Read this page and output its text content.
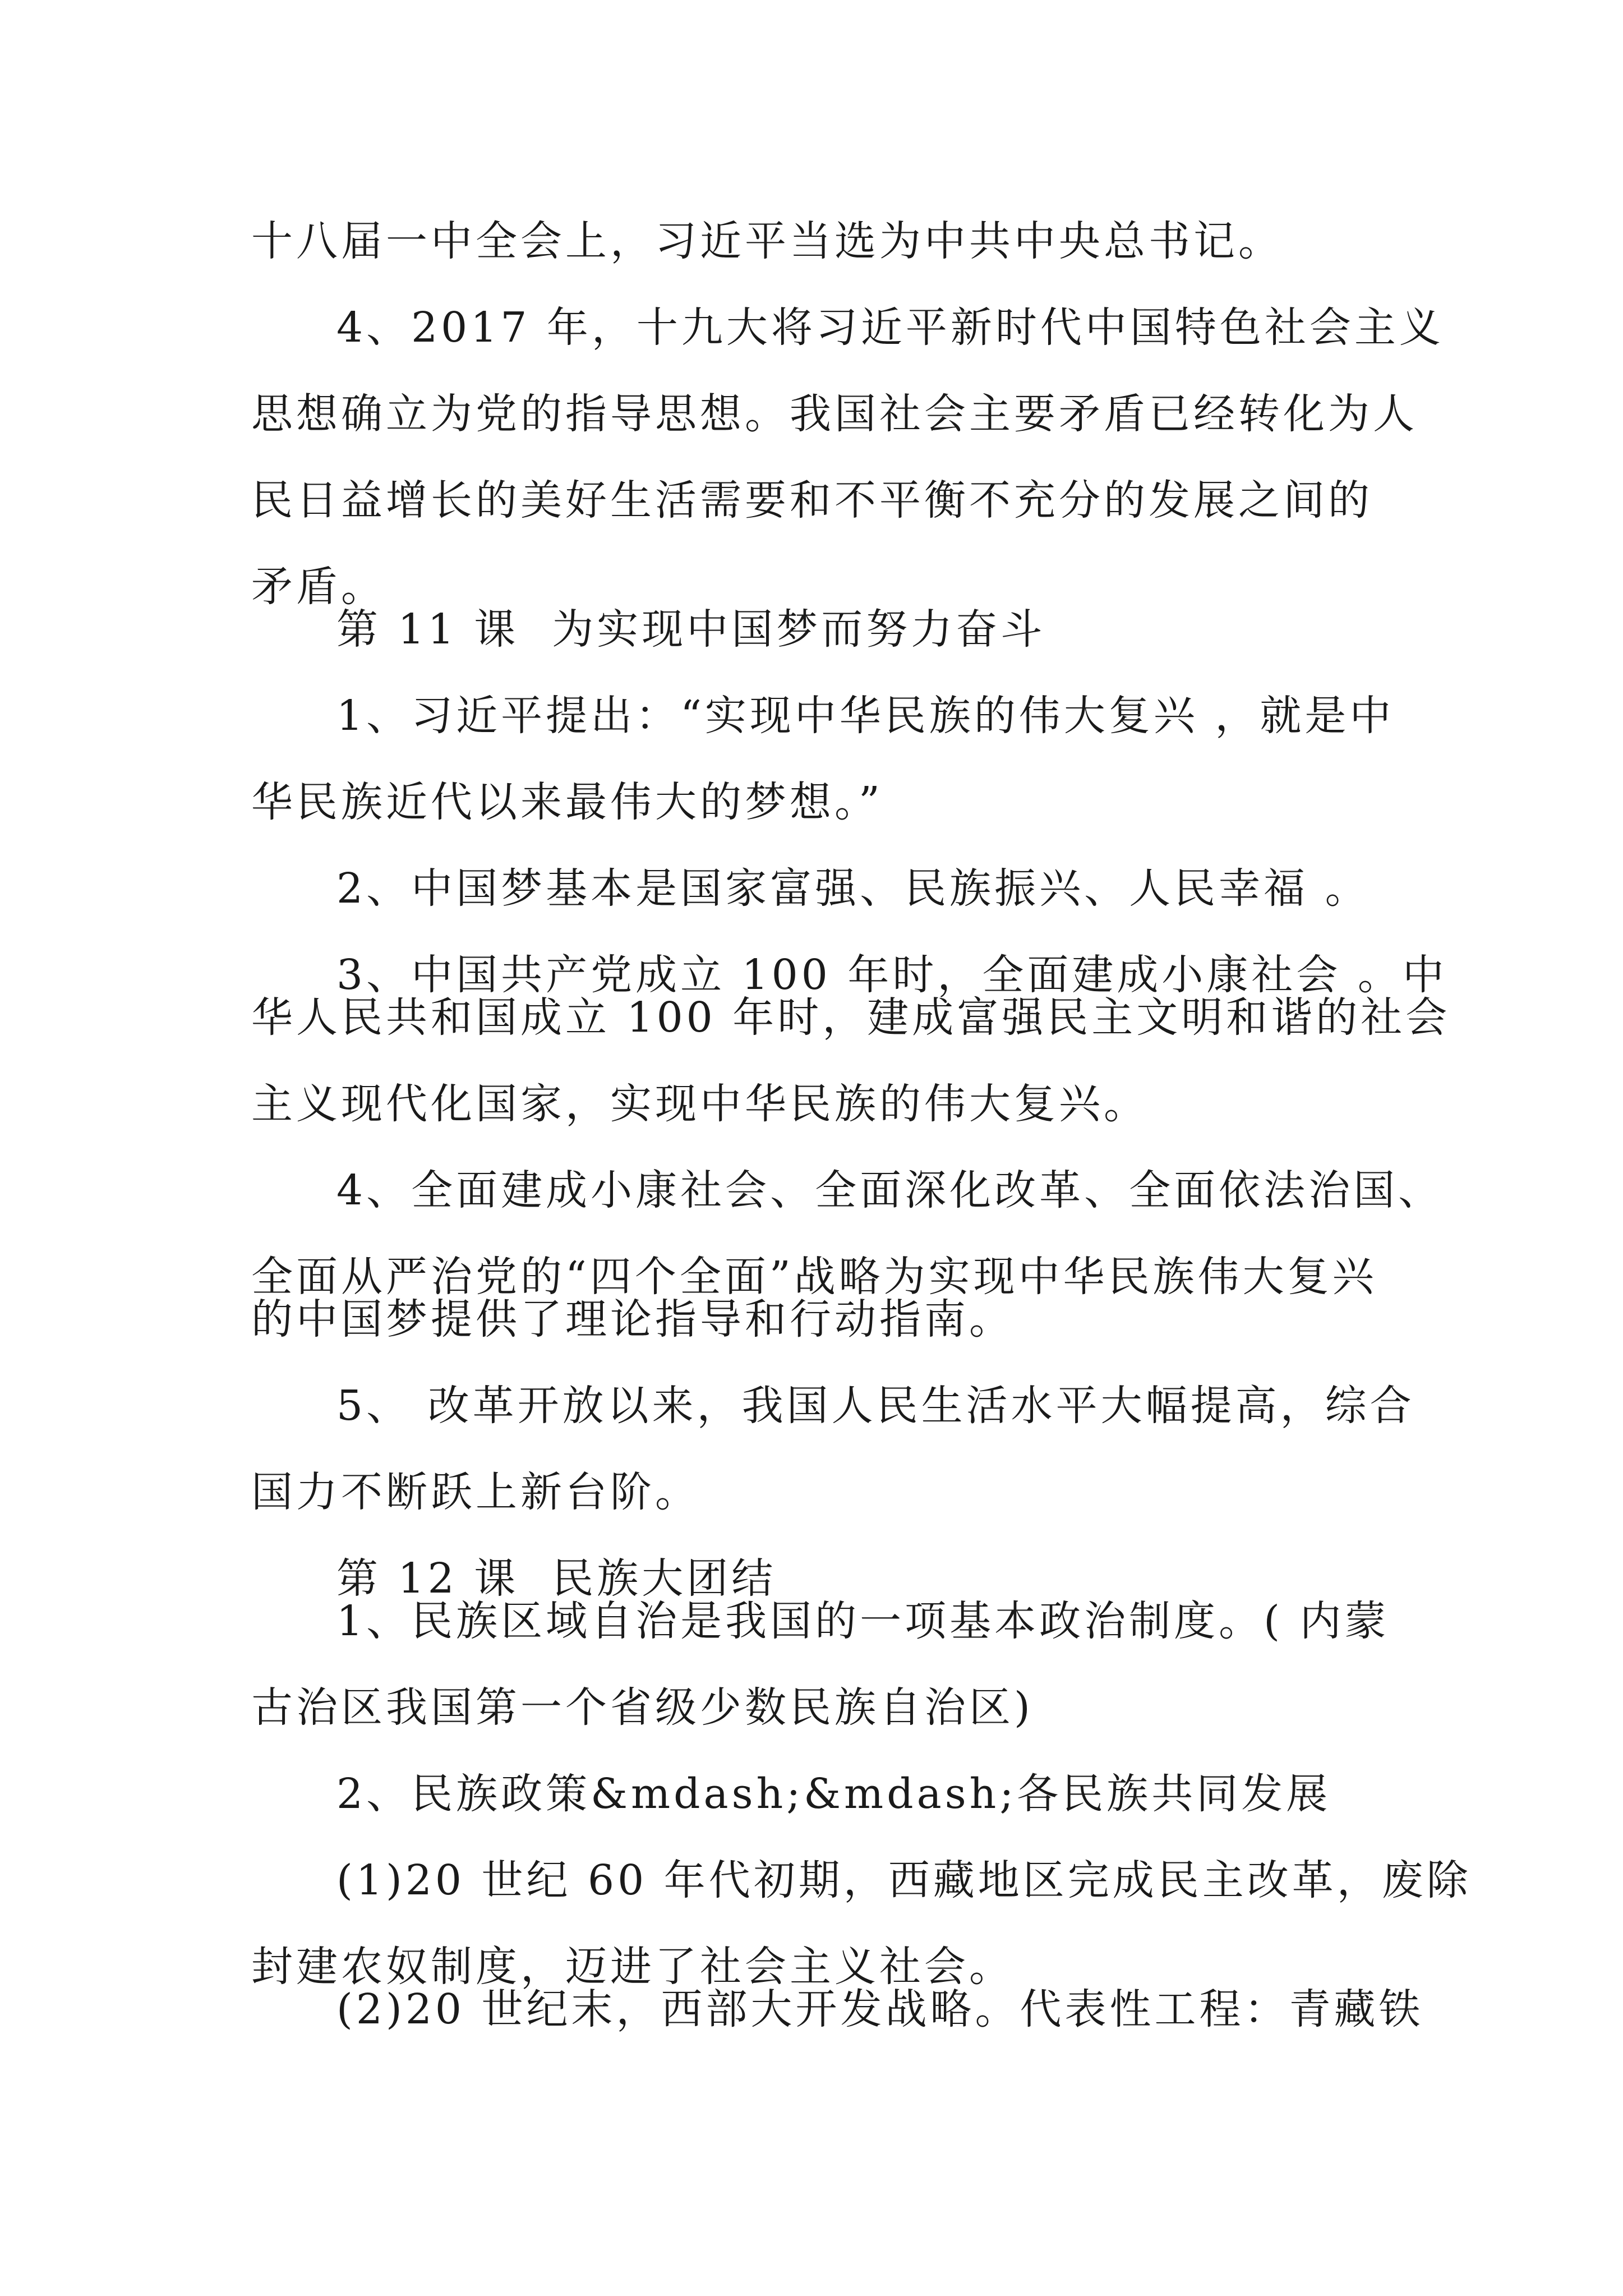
十八届一中全会上，习近平当选为中共中央总书记。
4、2017 年，十九大将习近平新时代中国特色社会主义
思想确立为党的指导思想。我国社会主要矛盾已经转化为人
民日益增长的美好生活需要和不平衡不充分的发展之间的
矛盾。
第 11 课  为实现中国梦而努力奋斗
1、习近平提出：“实现中华民族的伟大复兴 ，就是中
华民族近代以来最伟大的梦想。”
2、中国梦基本是国家富强、民族振兴、人民幸福 。
3、中国共产党成立 100 年时，全面建成小康社会 。中
华人民共和国成立 100 年时，建成富强民主文明和谐的社会
主义现代化国家，实现中华民族的伟大复兴。
4、全面建成小康社会、全面深化改革、全面依法治国、
全面从严治党的“四个全面”战略为实现中华民族伟大复兴
的中国梦提供了理论指导和行动指南。
5、 改革开放以来，我国人民生活水平大幅提高，综合
国力不断跃上新台阶。
第 12 课  民族大团结
1、民族区域自治是我国的一项基本政治制度。( 内蒙
古治区我国第一个省级少数民族自治区)
2、民族政策&mdash;&mdash;各民族共同发展
(1)20 世纪 60 年代初期，西藏地区完成民主改革，废除
封建农奴制度，迈进了社会主义社会。
(2)20 世纪末，西部大开发战略。代表性工程：青藏铁
